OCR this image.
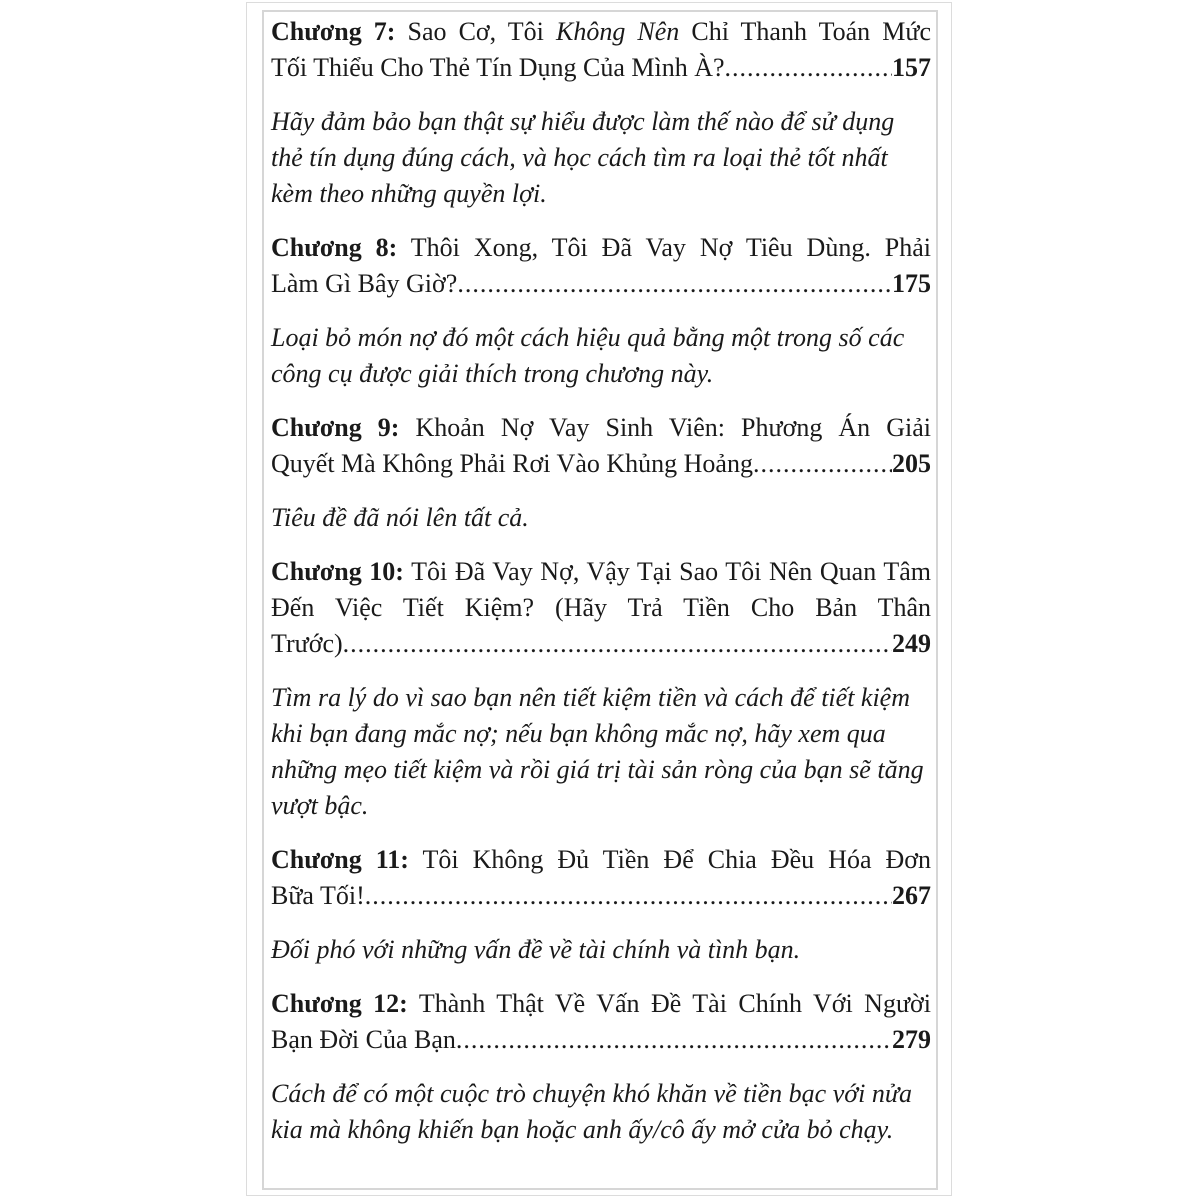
Chương 7: Sao Cơ, Tôi Không Nên Chỉ Thanh Toán Mức
Tối Thiểu Cho Thẻ Tín Dụng Của Mình À? .....	157

Hãy đảm bảo bạn thật sự hiểu được làm thế nào để sử dụng thẻ tín dụng đúng cách, và học cách tìm ra loại thẻ tốt nhất kèm theo những quyền lợi.

Chương 8: Thôi Xong, Tôi Đã Vay Nợ Tiêu Dùng. Phải
Làm Gì Bây Giờ? .....	175

Loại bỏ món nợ đó một cách hiệu quả bằng một trong số các công cụ được giải thích trong chương này.

Chương 9: Khoản Nợ Vay Sinh Viên: Phương Án Giải
Quyết Mà Không Phải Rơi Vào Khủng Hoảng .....	205

Tiêu đề đã nói lên tất cả.

Chương 10: Tôi Đã Vay Nợ, Vậy Tại Sao Tôi Nên Quan Tâm Đến Việc Tiết Kiệm? (Hãy Trả Tiền Cho Bản Thân
Trước) .....	249

Tìm ra lý do vì sao bạn nên tiết kiệm tiền và cách để tiết kiệm khi bạn đang mắc nợ; nếu bạn không mắc nợ, hãy xem qua những mẹo tiết kiệm và rồi giá trị tài sản ròng của bạn sẽ tăng vượt bậc.

Chương 11: Tôi Không Đủ Tiền Để Chia Đều Hóa Đơn
Bữa Tối! .....	267

Đối phó với những vấn đề về tài chính và tình bạn.

Chương 12: Thành Thật Về Vấn Đề Tài Chính Với Người
Bạn Đời Của Bạn .....	279

Cách để có một cuộc trò chuyện khó khăn về tiền bạc với nửa kia mà không khiến bạn hoặc anh ấy/cô ấy mở cửa bỏ chạy.
